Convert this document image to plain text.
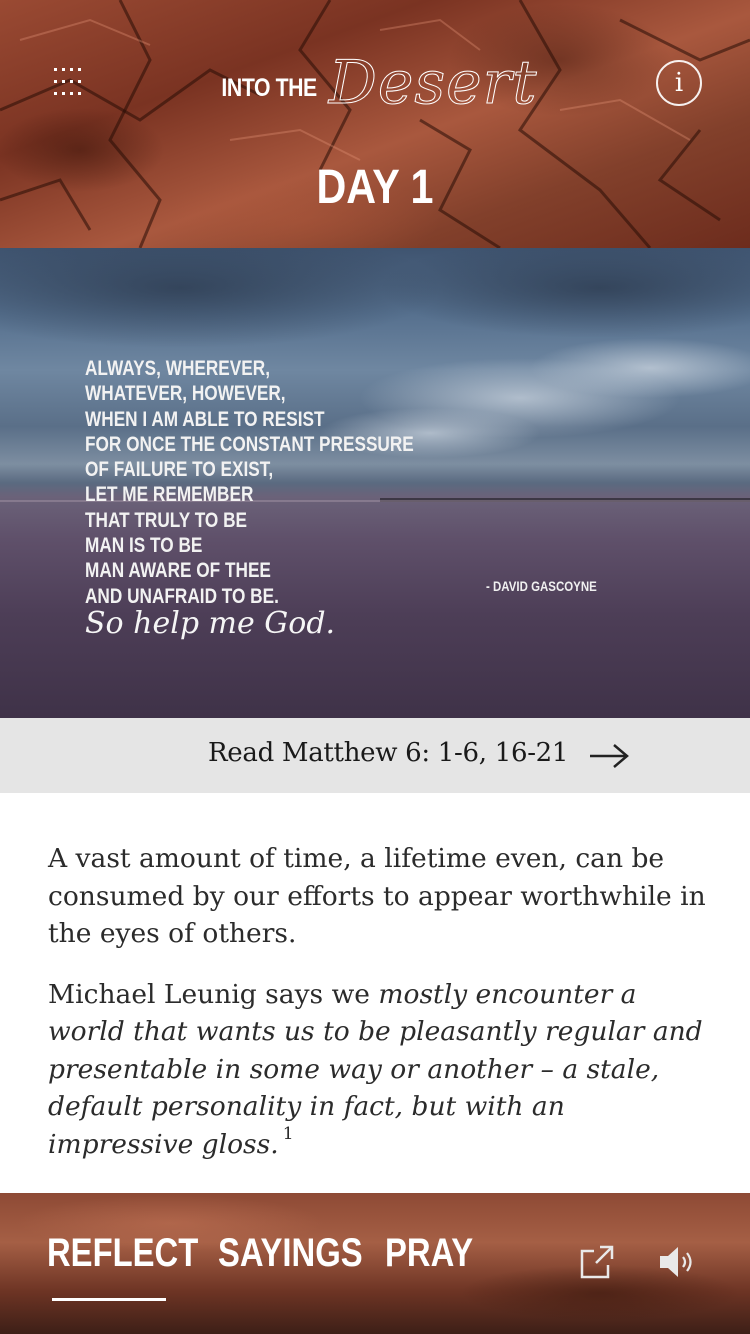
INTO THE Desert	i
DAY 1
ALWAYS, WHEREVER,
WHATEVER, HOWEVER,
WHEN I AM ABLE TO RESIST
FOR ONCE THE CONSTANT PRESSURE
OF FAILURE TO EXIST,
LET ME REMEMBER
THAT TRULY TO BE
MAN IS TO BE
MAN AWARE OF THEE
AND UNAFRAID TO BE.
So help me God.
- DAVID GASCOYNE
Read Matthew 6: 1-6, 16-21

A vast amount of time, a lifetime even, can be consumed by our efforts to appear worthwhile in the eyes of others.

Michael Leunig says we mostly encounter a world that wants us to be pleasantly regular and presentable in some way or another – a stale, default personality in fact, but with an impressive gloss. $^1$

REFLECT SAYINGS PRAY
